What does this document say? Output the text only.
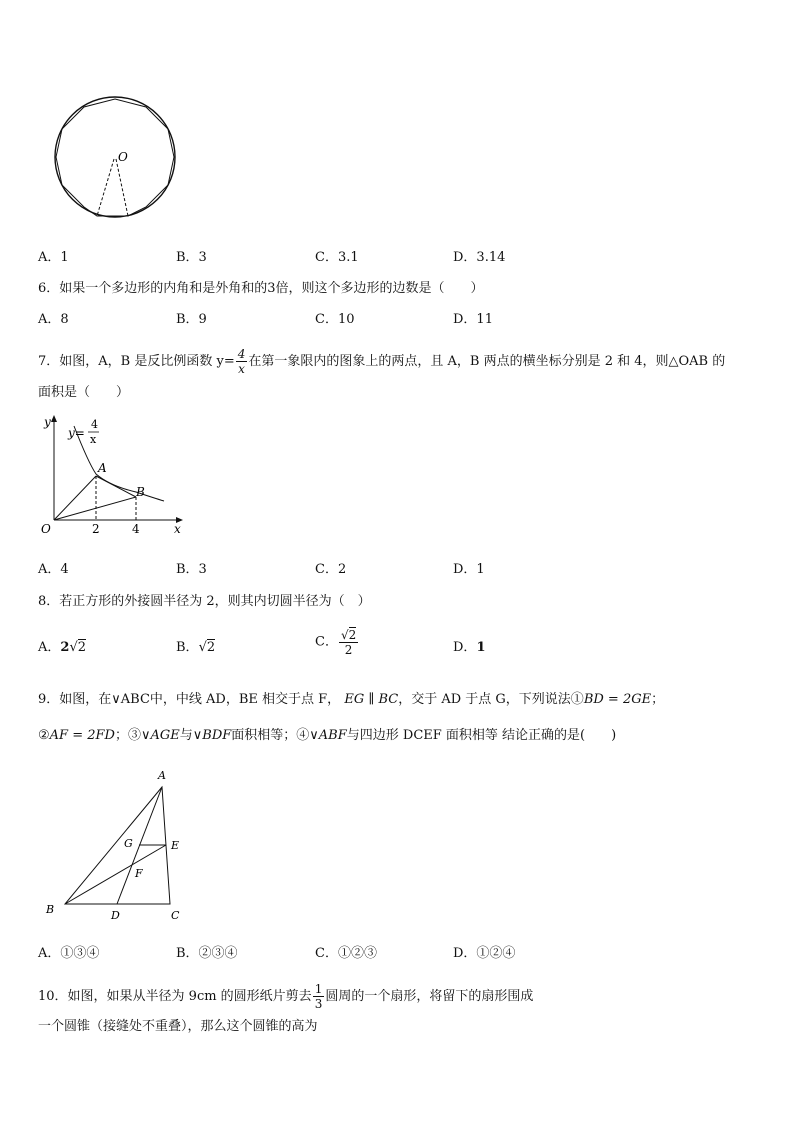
O
A．1	B．3	C．3.1	D．3.14
6．如果一个多边形的内角和是外角和的3倍，则这个多边形的边数是（　　）
A．8	B．9	C．10	D．11
7．如图，A，B 是反比例函数 $y= \frac{4}{x}$ 在第一象限内的图象上的两点，且 A，B 两点的横坐标分别是 2 和 4，则△OAB 的
面积是（　　）
y
y=
4
x
A
B
O	2	4	x
A．4	B．3	C．2	D．1
8．若正方形的外接圆半径为 2，则其内切圆半径为（　）
A．2√2	B．√2	C． $\frac{√2}{2}$	D．1
9．如图，在∨ABC中，中线 AD，BE 相交于点 F， EG ∥ BC，交于 AD 于点 G，下列说法①BD = 2GE；
②AF = 2FD；③∨AGE与∨BDF面积相等；④∨ABF与四边形 DCEF 面积相等 结论正确的是(　　)
A
B	C
D
E
F
G
A．①③④	B．②③④	C．①②③	D．①②④
10．如图，如果从半径为 9cm 的圆形纸片剪去 $\frac{1}{3}$ 圆周的一个扇形，将留下的扇形围成
一个圆锥（接缝处不重叠），那么这个圆锥的高为
